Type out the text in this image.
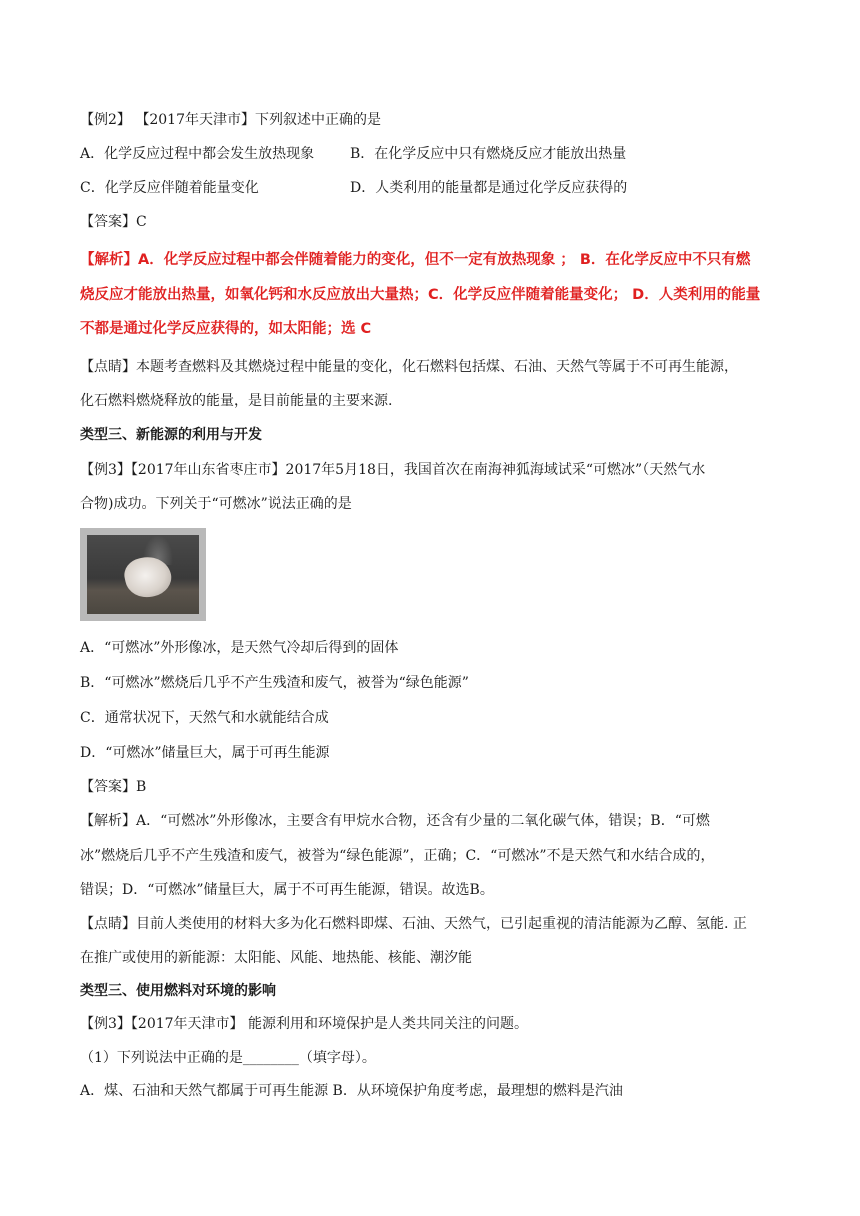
【例2】 【2017年天津市】下列叙述中正确的是
A．化学反应过程中都会发生放热现象	B．在化学反应中只有燃烧反应才能放出热量
C．化学反应伴随着能量变化	D．人类利用的能量都是通过化学反应获得的
【答案】C
【解析】A．化学反应过程中都会伴随着能力的变化，但不一定有放热现象 ； B．在化学反应中不只有燃
烧反应才能放出热量，如氧化钙和水反应放出大量热；C．化学反应伴随着能量变化； D．人类利用的能量
不都是通过化学反应获得的，如太阳能；选 C
【点睛】本题考查燃料及其燃烧过程中能量的变化，化石燃料包括煤、石油、天然气等属于不可再生能源，
化石燃料燃烧释放的能量，是目前能量的主要来源.
类型三、新能源的利用与开发
【例3】【2017年山东省枣庄市】2017年5月18日，我国首次在南海神狐海域试采“可燃冰”（天然气水
合物)成功。下列关于“可燃冰”说法正确的是
A．“可燃冰”外形像冰，是天然气冷却后得到的固体
B．“可燃冰”燃烧后几乎不产生残渣和废气，被誉为“绿色能源”
C．通常状况下，天然气和水就能结合成
D．“可燃冰”储量巨大，属于可再生能源
【答案】B
【解析】A．“可燃冰”外形像冰，主要含有甲烷水合物，还含有少量的二氧化碳气体，错误；B．“可燃
冰”燃烧后几乎不产生残渣和废气，被誉为“绿色能源”，正确；C．“可燃冰”不是天然气和水结合成的，
错误；D．“可燃冰”储量巨大，属于不可再生能源，错误。故选B。
【点睛】目前人类使用的材料大多为化石燃料即煤、石油、天然气，已引起重视的清洁能源为乙醇、氢能. 正
在推广或使用的新能源：太阳能、风能、地热能、核能、潮汐能
类型三、使用燃料对环境的影响
【例3】【2017年天津市】 能源利用和环境保护是人类共同关注的问题。
（1）下列说法中正确的是________（填字母）。
A．煤、石油和天然气都属于可再生能源 B．从环境保护角度考虑，最理想的燃料是汽油
